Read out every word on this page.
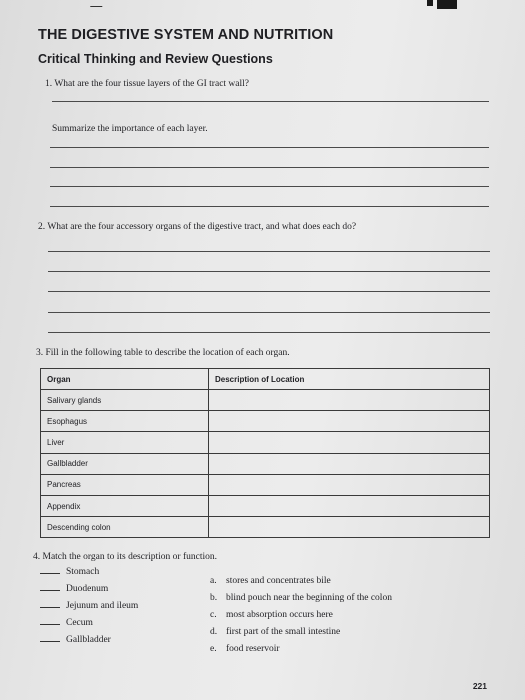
THE DIGESTIVE SYSTEM AND NUTRITION
Critical Thinking and Review Questions
1. What are the four tissue layers of the GI tract wall?
Summarize the importance of each layer.
2. What are the four accessory organs of the digestive tract, and what does each do?
3. Fill in the following table to describe the location of each organ.
Organ	Description of Location
Salivary glands	
Esophagus	
Liver	
Gallbladder	
Pancreas	
Appendix	
Descending colon	
4. Match the organ to its description or function.
Stomach
Duodenum
Jejunum and ileum
Cecum
Gallbladder
a. stores and concentrates bile
b. blind pouch near the beginning of the colon
c. most absorption occurs here
d. first part of the small intestine
e. food reservoir
221
